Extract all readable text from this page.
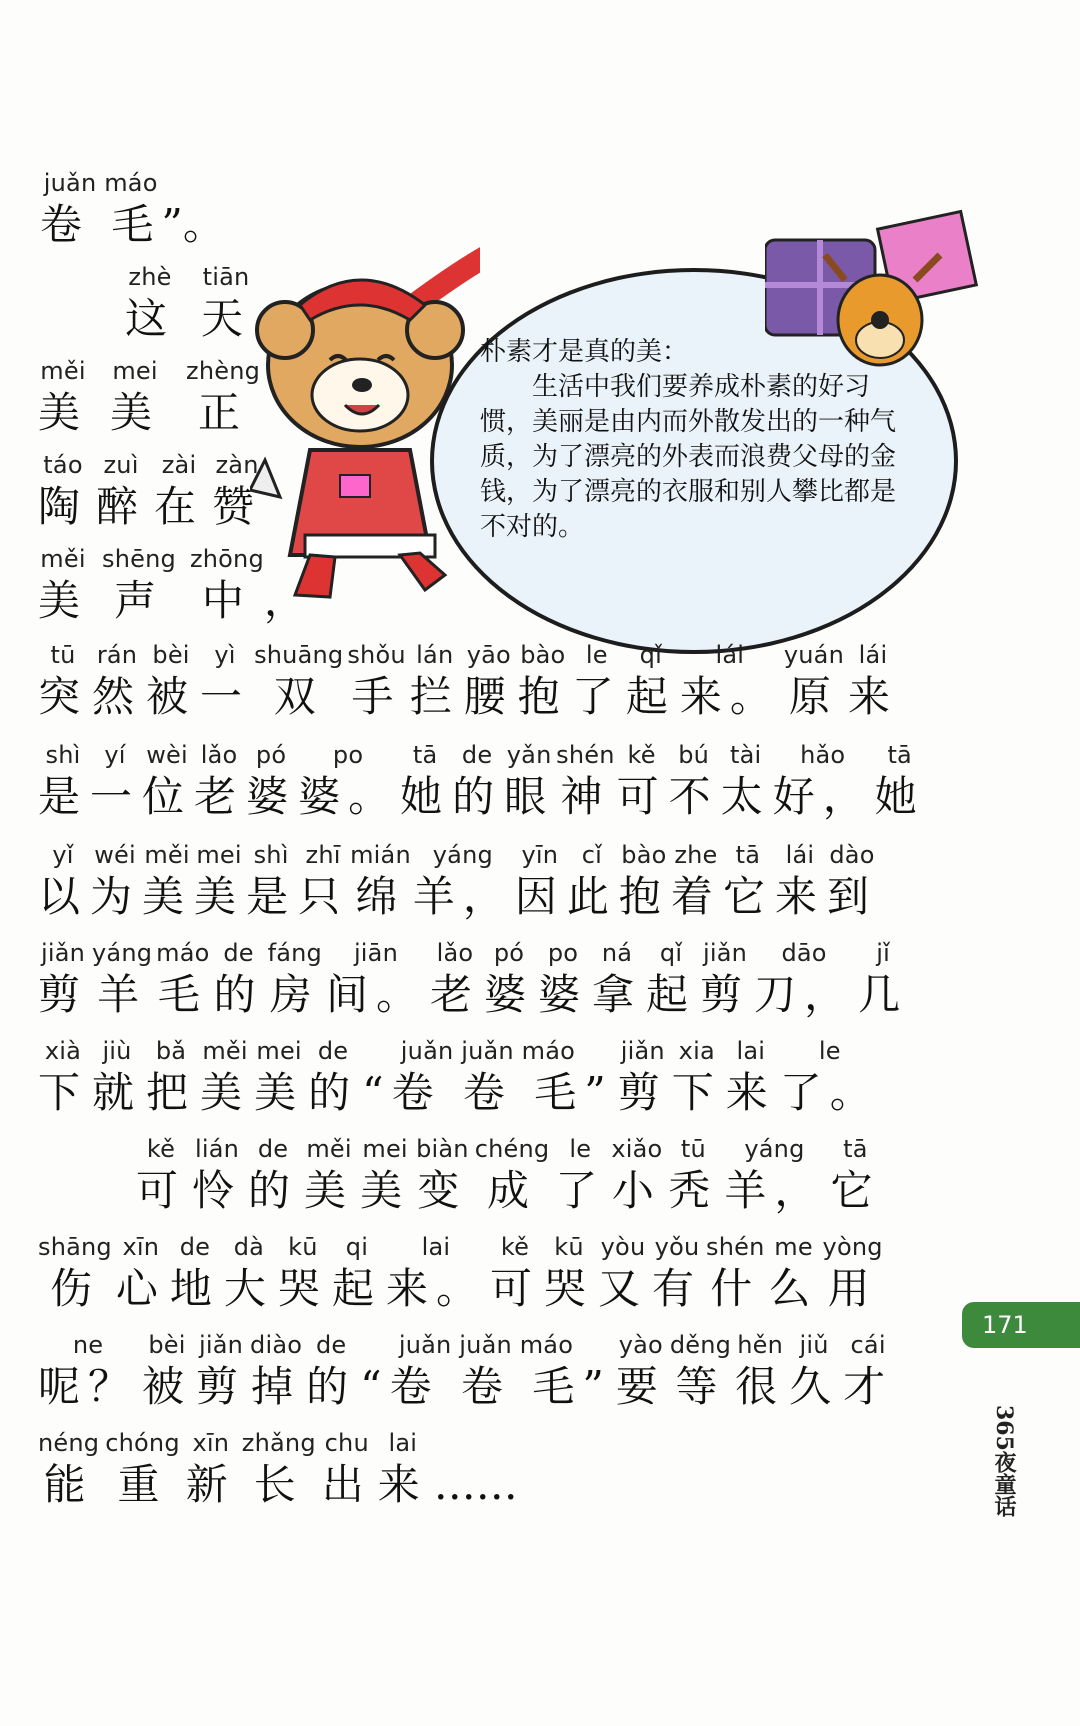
朴素才是真的美：

生活中我们要养成朴素的好习惯，美丽是由内而外散发出的一种气质，为了漂亮的外表而浪费父母的金钱，为了漂亮的衣服和别人攀比都是不对的。

juǎn máo
卷 毛 ”。
zhè
这
tiān
天
měi
美
mei
美
zhèng
正
táo
陶
zuì
醉
zài
在
zàn
赞
měi
美
shēng
声
zhōng
中 ，
tū
突
rán
然
bèi
被
yì
一
shuāng
双
shǒu
手
lán
拦
yāo
腰
bào
抱
le
了
qǐ
起
lái
来。
yuán
原
lái
来
shì
是
yí
一
wèi
位
lǎo
老
pó
婆
po
婆。
tā
她
de
的
yǎn
眼
shén
神
kě
可
bú
不
tài
太
hǎo
好，
tā
她
yǐ
以
wéi
为
měi
美
mei
美
shì
是
zhī
只
mián
绵
yáng
羊，
yīn
因
cǐ
此
bào
抱
zhe
着
tā
它
lái
来
dào
到
jiǎn
剪
yáng
羊
máo
毛
de
的
fáng
房
jiān
间。
lǎo
老
pó
婆
po
婆
ná
拿
qǐ
起
jiǎn
剪
dāo
刀，
jǐ
几
xià
下
jiù
就
bǎ
把
měi
美
mei
美
de
的
juǎn juǎn máo
“卷 卷 毛”
jiǎn
剪
xia
下
lai
来
le
了。
kě
可
lián
怜
de
的
měi
美
mei
美
biàn
变
chéng
成
le
了
xiǎo
小
tū
秃
yáng
羊，
tā
它
shāng
伤
xīn
心
de
地
dà
大
kū
哭
qi
起
lai
来。
kě
可
kū
哭
yòu
又
yǒu
有
shén
什
me
么
yòng
用
ne
呢？
bèi
被
jiǎn
剪
diào
掉
de
的
juǎn juǎn máo
“卷 卷 毛”
yào
要
děng
等
hěn
很
jiǔ
久
cái
才
néng
能
chóng
重
xīn
新
zhǎng
长
chu
出
lai
来 ……
171
365夜童话
